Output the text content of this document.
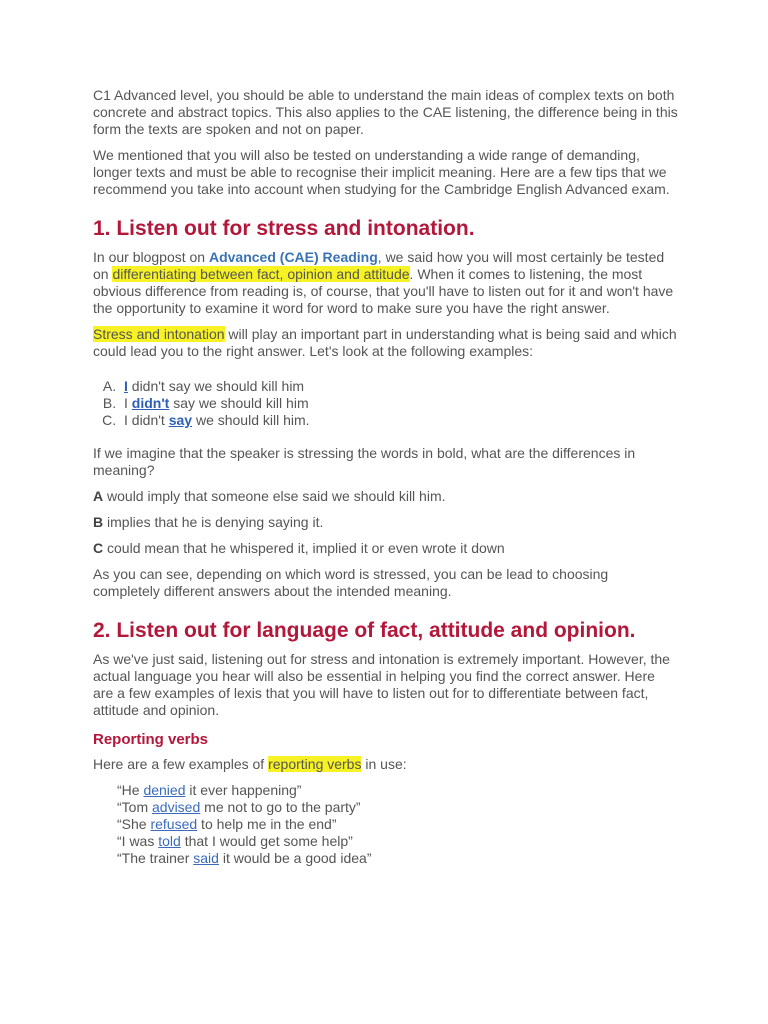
C1 Advanced level, you should be able to understand the main ideas of complex texts on both concrete and abstract topics. This also applies to the CAE listening, the difference being in this form the texts are spoken and not on paper.

We mentioned that you will also be tested on understanding a wide range of demanding, longer texts and must be able to recognise their implicit meaning. Here are a few tips that we recommend you take into account when studying for the Cambridge English Advanced exam.

1. Listen out for stress and intonation.

In our blogpost on Advanced (CAE) Reading, we said how you will most certainly be tested on differentiating between fact, opinion and attitude. When it comes to listening, the most obvious difference from reading is, of course, that you'll have to listen out for it and won't have the opportunity to examine it word for word to make sure you have the right answer.

Stress and intonation will play an important part in understanding what is being said and which could lead you to the right answer. Let's look at the following examples:

A. I didn't say we should kill him
B. I didn't say we should kill him
C. I didn't say we should kill him.

If we imagine that the speaker is stressing the words in bold, what are the differences in meaning?

A would imply that someone else said we should kill him.

B implies that he is denying saying it.

C could mean that he whispered it, implied it or even wrote it down

As you can see, depending on which word is stressed, you can be lead to choosing completely different answers about the intended meaning.

2. Listen out for language of fact, attitude and opinion.

As we've just said, listening out for stress and intonation is extremely important. However, the actual language you hear will also be essential in helping you find the correct answer. Here are a few examples of lexis that you will have to listen out for to differentiate between fact, attitude and opinion.

Reporting verbs

Here are a few examples of reporting verbs in use:

“He denied it ever happening”
“Tom advised me not to go to the party”
“She refused to help me in the end”
“I was told that I would get some help”
“The trainer said it would be a good idea”
